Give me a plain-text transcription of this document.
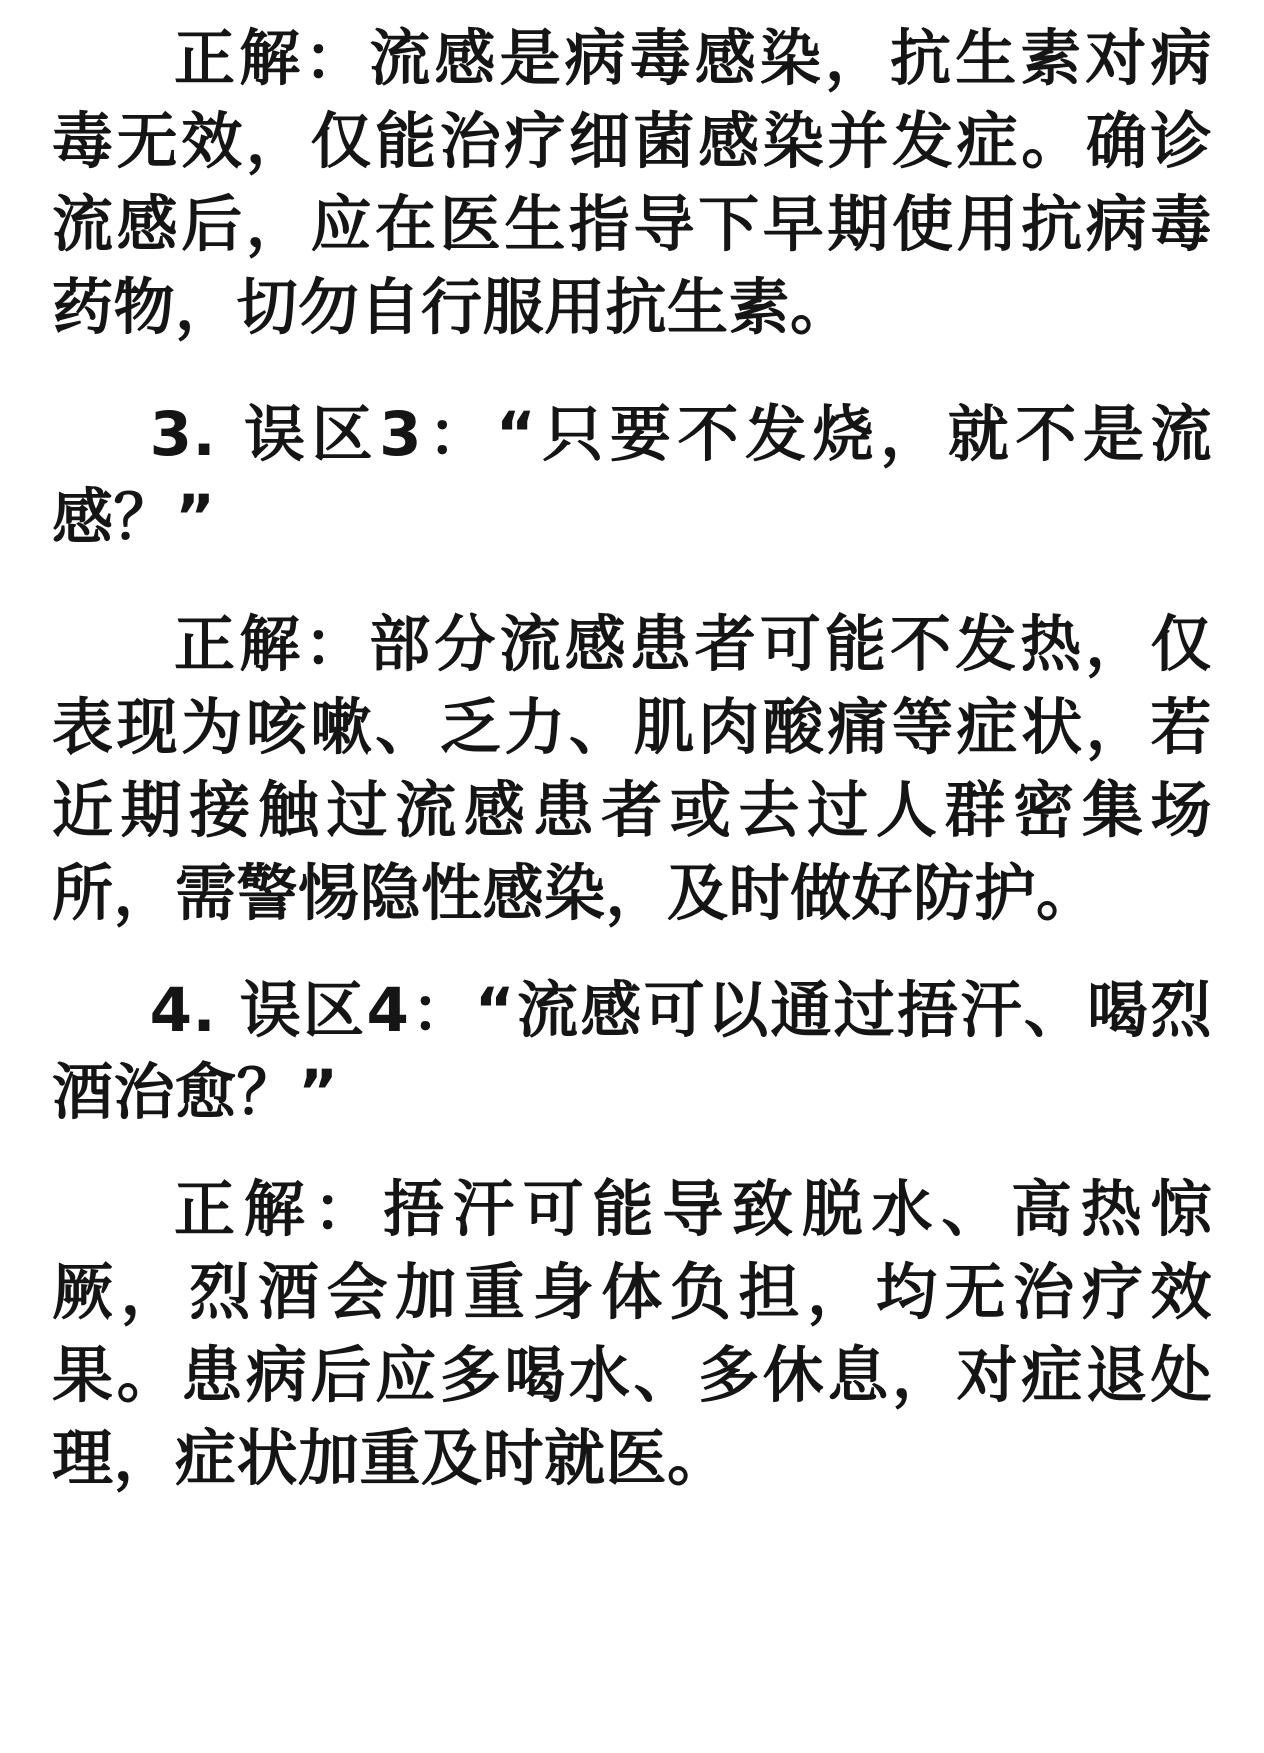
正解：流感是病毒感染，抗生素对病毒无效，仅能治疗细菌感染并发症。确诊流感后，应在医生指导下早期使用抗病毒药物，切勿自行服用抗生素。

3. 误区3：“只要不发烧，就不是流感？”

正解：部分流感患者可能不发热，仅表现为咳嗽、乏力、肌肉酸痛等症状，若近期接触过流感患者或去过人群密集场所，需警惕隐性感染，及时做好防护。

4. 误区4：“流感可以通过捂汗、喝烈酒治愈？”

正解：捂汗可能导致脱水、高热惊厥，烈酒会加重身体负担，均无治疗效果。患病后应多喝水、多休息，对症退处理，症状加重及时就医。
